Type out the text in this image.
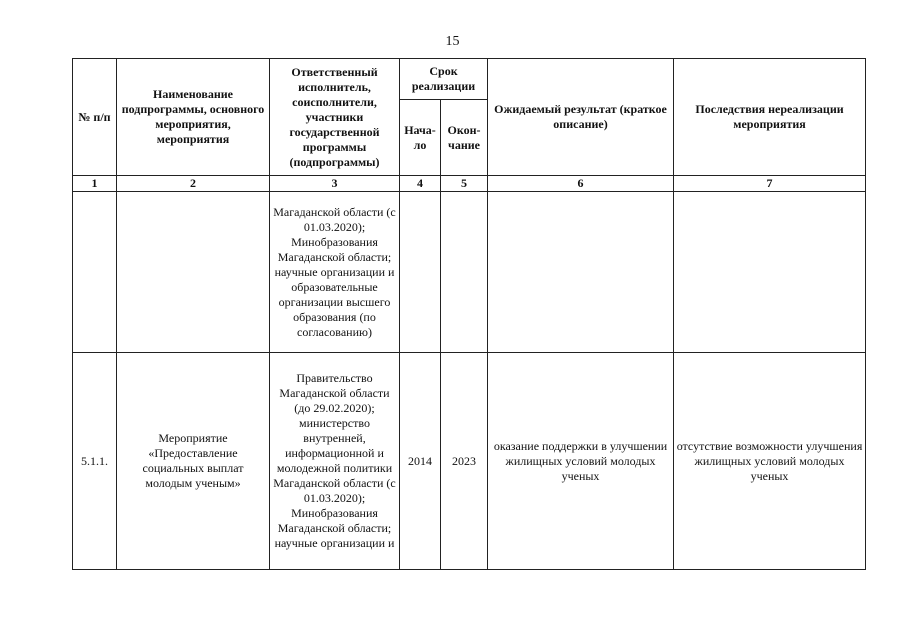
15
№ п/п	Наименование подпрограммы, основного мероприятия, мероприятия	Ответственный исполнитель, соисполнители, участники государственной программы (подпрограммы)	Срок реализации		Ожидаемый результат (краткое описание)	Последствия нереализации мероприятия
			Нача-ло	Окон-чание		
1	2	3	4	5	6	7
		Магаданской области (с 01.03.2020); Минобразования Магаданской области; научные организации и образовательные организации высшего образования (по согласованию)				
5.1.1.	Мероприятие «Предоставление социальных выплат молодым ученым»	Правительство Магаданской области (до 29.02.2020); министерство внутренней, информационной и молодежной политики Магаданской области (с 01.03.2020); Минобразования Магаданской области; научные организации и	2014	2023	оказание поддержки в улучшении жилищных условий молодых ученых	отсутствие возможности улучшения жилищных условий молодых ученых
